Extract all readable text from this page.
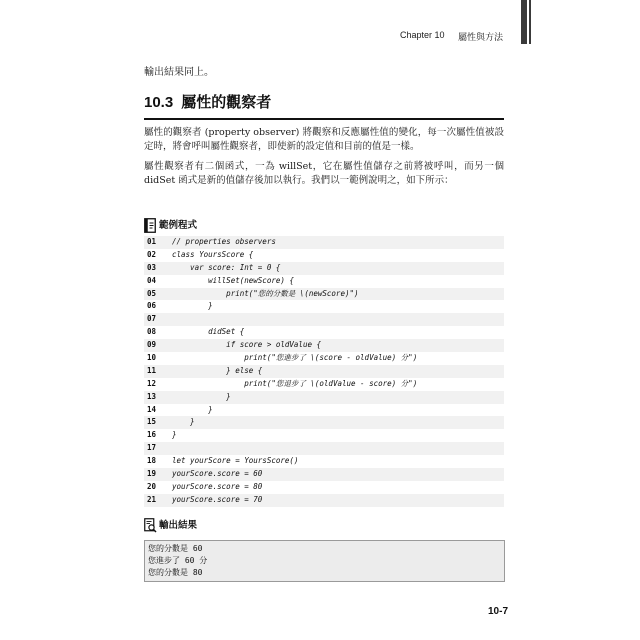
Chapter 10 屬性與方法
輸出結果同上。
10.3 屬性的觀察者
屬性的觀察者 (property observer) 將觀察和反應屬性值的變化，每一次屬性值被設定時，將會呼叫屬性觀察者，即使新的設定值和目前的值是一樣。
屬性觀察者有二個函式，一為 willSet，它在屬性值儲存之前將被呼叫，而另一個 didSet 函式是新的值儲存後加以執行。我們以一範例說明之，如下所示：
範例程式
01 // properties observers
02 class YoursScore {
03 var score: Int = 0 {
04 willSet(newScore) {
05 print("您的分數是 \(newScore)")
06 }
07
08 didSet {
09 if score > oldValue {
10 print("您進步了 \(score - oldValue) 分")
11 } else {
12 print("您退步了 \(oldValue - score) 分")
13 }
14 }
15 }
16 }
17
18 let yourScore = YoursScore()
19 yourScore.score = 60
20 yourScore.score = 80
21 yourScore.score = 70
輸出結果
您的分數是 60
您進步了 60 分
您的分數是 80
10-7
